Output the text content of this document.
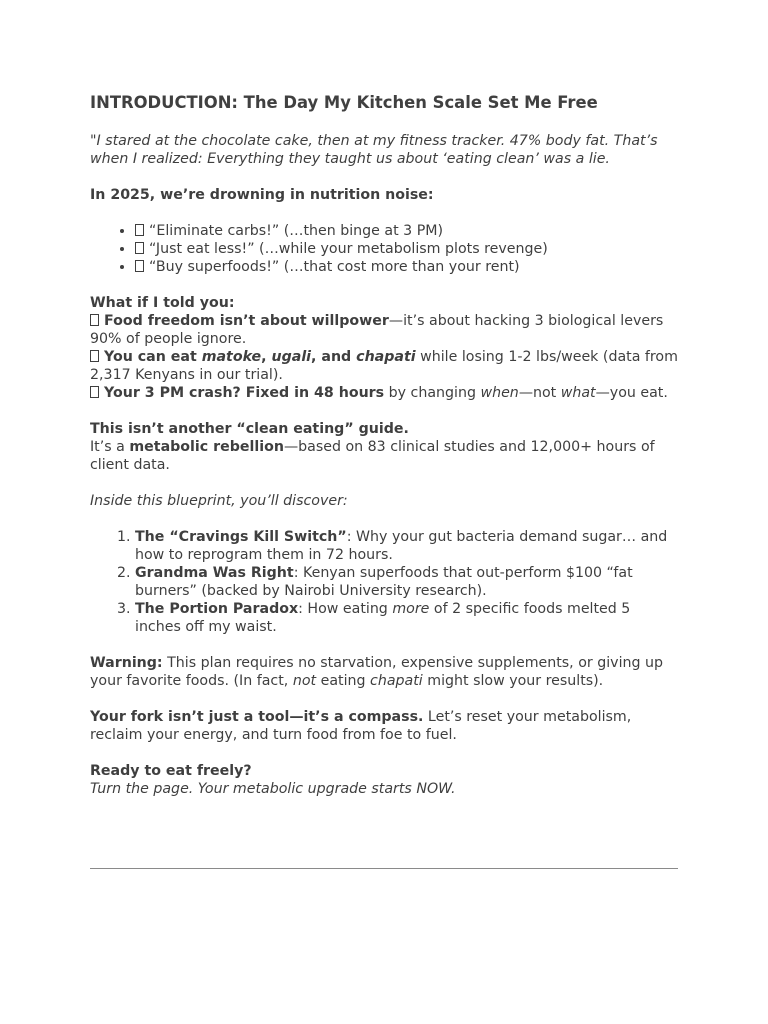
INTRODUCTION: The Day My Kitchen Scale Set Me Free

"I stared at the chocolate cake, then at my fitness tracker. 47% body fat. That’s when I realized: Everything they taught us about ‘eating clean’ was a lie.

In 2025, we’re drowning in nutrition noise:

• “Eliminate carbs!” (…then binge at 3 PM)
• “Just eat less!” (…while your metabolism plots revenge)
• “Buy superfoods!” (…that cost more than your rent)

What if I told you:
Food freedom isn’t about willpower—it’s about hacking 3 biological levers 90% of people ignore.
You can eat matoke, ugali, and chapati while losing 1-2 lbs/week (data from 2,317 Kenyans in our trial).
Your 3 PM crash? Fixed in 48 hours by changing when—not what—you eat.

This isn’t another “clean eating” guide.
It’s a metabolic rebellion—based on 83 clinical studies and 12,000+ hours of client data.

Inside this blueprint, you’ll discover:

1. The “Cravings Kill Switch”: Why your gut bacteria demand sugar… and how to reprogram them in 72 hours.
2. Grandma Was Right: Kenyan superfoods that out-perform $100 “fat burners” (backed by Nairobi University research).
3. The Portion Paradox: How eating more of 2 specific foods melted 5 inches off my waist.

Warning: This plan requires no starvation, expensive supplements, or giving up your favorite foods. (In fact, not eating chapati might slow your results).

Your fork isn’t just a tool—it’s a compass. Let’s reset your metabolism, reclaim your energy, and turn food from foe to fuel.

Ready to eat freely?
Turn the page. Your metabolic upgrade starts NOW.
